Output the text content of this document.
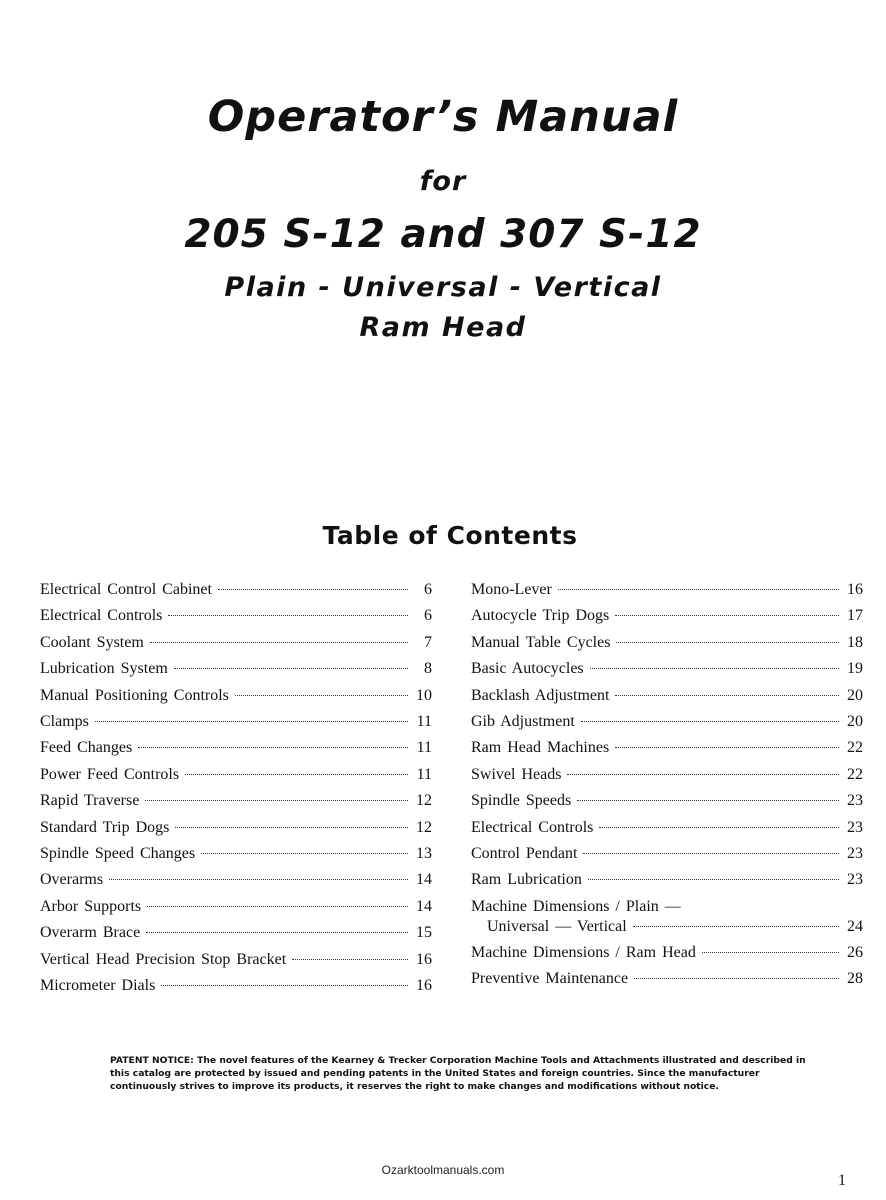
Operator’s Manual
for
205 S-12 and 307 S-12
Plain - Universal - Vertical
Ram Head
Table of Contents
Electrical Control Cabinet	6
Electrical Controls	6
Coolant System	7
Lubrication System	8
Manual Positioning Controls	10
Clamps	11
Feed Changes	11
Power Feed Controls	11
Rapid Traverse	12
Standard Trip Dogs	12
Spindle Speed Changes	13
Overarms	14
Arbor Supports	14
Overarm Brace	15
Vertical Head Precision Stop Bracket	16
Micrometer Dials	16
Mono-Lever	16
Autocycle Trip Dogs	17
Manual Table Cycles	18
Basic Autocycles	19
Backlash Adjustment	20
Gib Adjustment	20
Ram Head Machines	22
Swivel Heads	22
Spindle Speeds	23
Electrical Controls	23
Control Pendant	23
Ram Lubrication	23
Machine Dimensions / Plain —
Universal — Vertical	24
Machine Dimensions / Ram Head	26
Preventive Maintenance	28
PATENT NOTICE: The novel features of the Kearney & Trecker Corporation Machine Tools and Attachments illustrated and described in this catalog are protected by issued and pending patents in the United States and foreign countries. Since the manufacturer continuously strives to improve its products, it reserves the right to make changes and modifications without notice.
Ozarktoolmanuals.com
1
